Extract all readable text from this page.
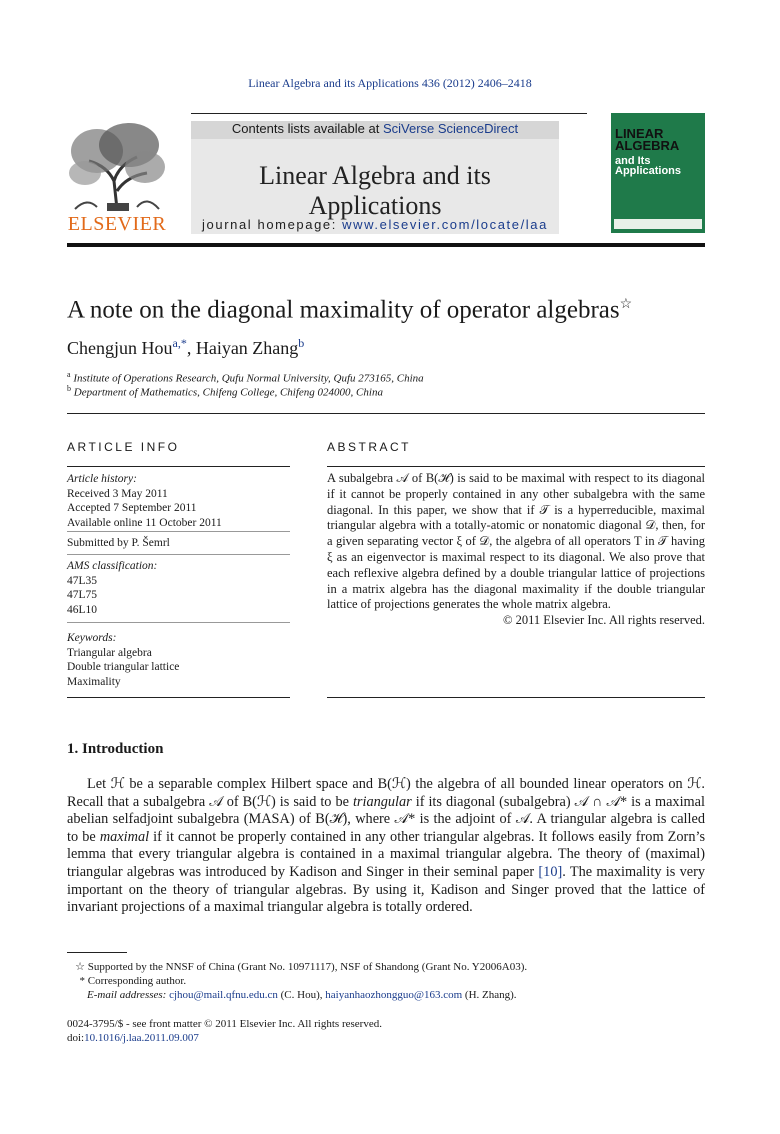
Linear Algebra and its Applications 436 (2012) 2406–2418
ELSEVIER
Contents lists available at SciVerse ScienceDirect
Linear Algebra and its Applications
journal homepage: www.elsevier.com/locate/laa
LINEAR
ALGEBRA
and Its
Applications
A note on the diagonal maximality of operator algebras☆
Chengjun Hou$^{a,*}$, Haiyan Zhang$^b$
$^a$ Institute of Operations Research, Qufu Normal University, Qufu 273165, China
$^b$ Department of Mathematics, Chifeng College, Chifeng 024000, China
ARTICLE INFO
Article history:
Received 3 May 2011
Accepted 7 September 2011
Available online 11 October 2011
Submitted by P. Šemrl
AMS classification:
47L35
47L75
46L10
Keywords:
Triangular algebra
Double triangular lattice
Maximality
ABSTRACT
A subalgebra 𝒜 of B(ℋ) is said to be maximal with respect to its diagonal if it cannot be properly contained in any other subalgebra with the same diagonal. In this paper, we show that if 𝒯 is a hyperreducible, maximal triangular algebra with a totally-atomic or nonatomic diagonal 𝒟, then, for a given separating vector ξ of 𝒟, the algebra of all operators T in 𝒯 having ξ as an eigenvector is maximal respect to its diagonal. We also prove that each reflexive algebra defined by a double triangular lattice of projections in a matrix algebra has the diagonal maximality if the double triangular lattice of projections generates the whole matrix algebra.
© 2011 Elsevier Inc. All rights reserved.
1. Introduction
Let ℋ be a separable complex Hilbert space and B(ℋ) the algebra of all bounded linear operators on ℋ. Recall that a subalgebra 𝒜 of B(ℋ) is said to be triangular if its diagonal (subalgebra) 𝒜 ∩ 𝒜* is a maximal abelian selfadjoint subalgebra (MASA) of B(ℋ), where 𝒜* is the adjoint of 𝒜. A triangular algebra is called to be maximal if it cannot be properly contained in any other triangular algebras. It follows easily from Zorn’s lemma that every triangular algebra is contained in a maximal triangular algebra. The theory of (maximal) triangular algebras was introduced by Kadison and Singer in their seminal paper [10]. The maximality is very important on the theory of triangular algebras. By using it, Kadison and Singer proved that the lattice of invariant projections of a maximal triangular algebra is totally ordered.
☆ Supported by the NNSF of China (Grant No. 10971117), NSF of Shandong (Grant No. Y2006A03).
* Corresponding author.
E-mail addresses: cjhou@mail.qfnu.edu.cn (C. Hou), haiyanhaozhongguo@163.com (H. Zhang).
0024-3795/$ - see front matter © 2011 Elsevier Inc. All rights reserved.
doi:10.1016/j.laa.2011.09.007
